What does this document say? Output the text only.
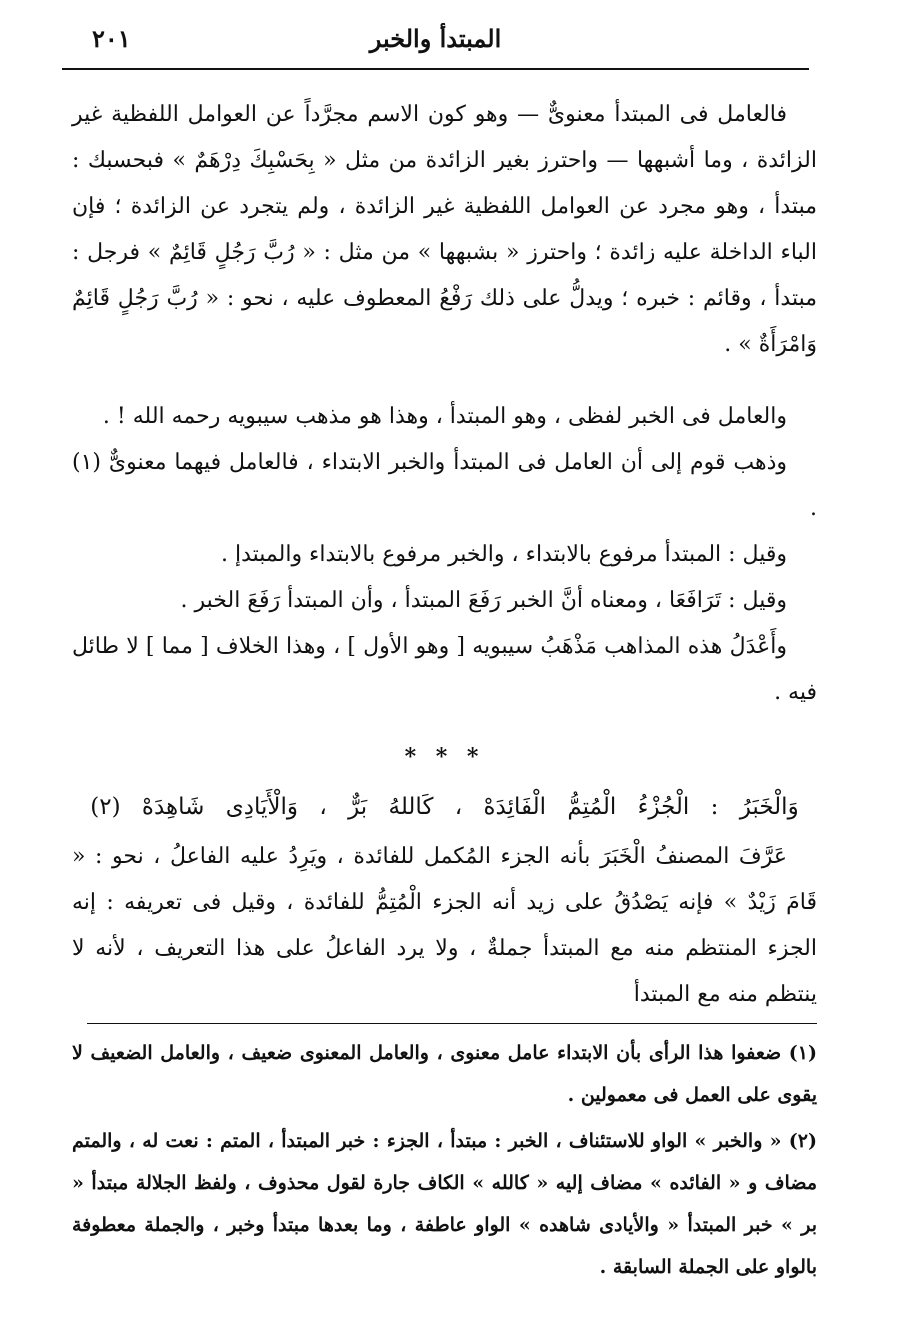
المبتدأ والخبر
٢٠١

فالعامل فى المبتدأ معنوىٌّ — وهو كون الاسم مجرَّداً عن العوامل اللفظية غير الزائدة ، وما أشبهها — واحترز بغير الزائدة من مثل « بِحَسْبِكَ دِرْهَمٌ » فبحسبك : مبتدأ ، وهو مجرد عن العوامل اللفظية غير الزائدة ، ولم يتجرد عن الزائدة ؛ فإن الباء الداخلة عليه زائدة ؛ واحترز « بشبهها » من مثل : « رُبَّ رَجُلٍ قَائِمٌ » فرجل : مبتدأ ، وقائم : خبره ؛ ويدلُّ على ذلك رَفْعُ المعطوف عليه ، نحو : « رُبَّ رَجُلٍ قَائِمٌ وَامْرَأَةٌ » .

والعامل فى الخبر لفظى ، وهو المبتدأ ، وهذا هو مذهب سيبويه رحمه الله ! .

وذهب قوم إلى أن العامل فى المبتدأ والخبر الابتداء ، فالعامل فيهما معنوىٌّ (١) .

وقيل : المبتدأ مرفوع بالابتداء ، والخبر مرفوع بالابتداء والمبتدإ .

وقيل : تَرَافَعَا ، ومعناه أنَّ الخبر رَفَعَ المبتدأ ، وأن المبتدأ رَفَعَ الخبر .

وأَعْدَلُ هذه المذاهب مَذْهَبُ سيبويه [ وهو الأول ] ، وهذا الخلاف [ مما ] لا طائل فيه .

* * *
وَالْخَبَرُ : الْجُزْءُ الْمُتِمُّ الْفَائِدَهْ ، كَاللهُ بَرٌّ ، وَالْأَيَادِى شَاهِدَهْ (٢)

عَرَّفَ المصنفُ الْخَبَرَ بأنه الجزء المُكمل للفائدة ، ويَرِدُ عليه الفاعلُ ، نحو : « قَامَ زَيْدٌ » فإنه يَصْدُقُ على زيد أنه الجزء الْمُتِمُّ للفائدة ، وقيل فى تعريفه : إنه الجزء المنتظم منه مع المبتدأ جملةٌ ، ولا يرد الفاعلُ على هذا التعريف ، لأنه لا ينتظم منه مع المبتدأ

(١) ضعفوا هذا الرأى بأن الابتداء عامل معنوى ، والعامل المعنوى ضعيف ، والعامل الضعيف لا يقوى على العمل فى معمولين .

(٢) « والخبر » الواو للاستئناف ، الخبر : مبتدأ ، الجزء : خبر المبتدأ ، المتم : نعت له ، والمتم مضاف و « الفائده » مضاف إليه « كالله » الكاف جارة لقول محذوف ، ولفظ الجلالة مبتدأ « بر » خبر المبتدأ « والأيادى شاهده » الواو عاطفة ، وما بعدها مبتدأ وخبر ، والجملة معطوفة بالواو على الجملة السابقة .
